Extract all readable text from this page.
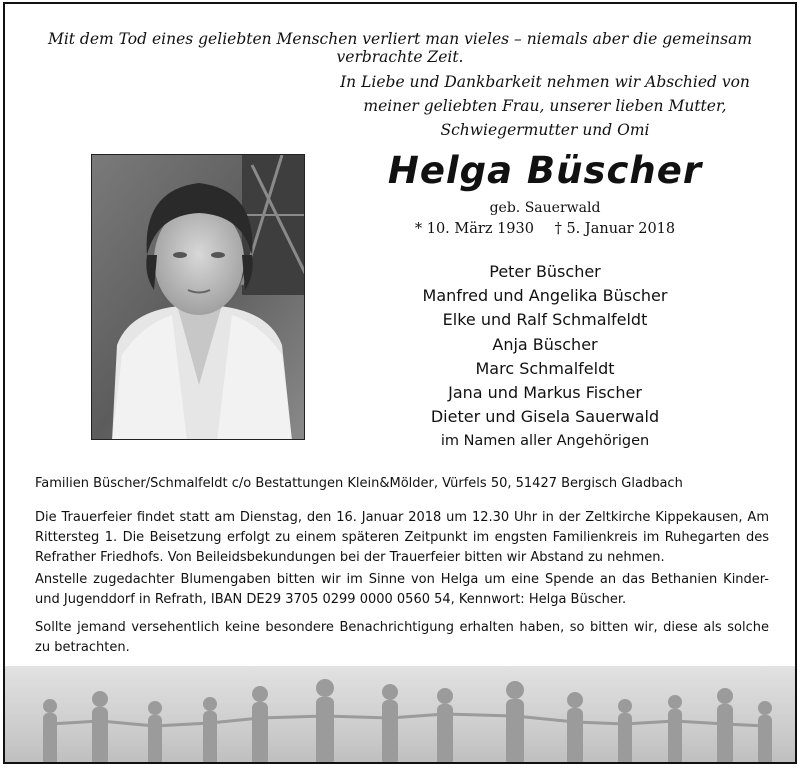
Mit dem Tod eines geliebten Menschen verliert man vieles – niemals aber die gemeinsam verbrachte Zeit.
In Liebe und Dankbarkeit nehmen wir Abschied von
meiner geliebten Frau, unserer lieben Mutter,
Schwiegermutter und Omi
Helga Büscher
geb. Sauerwald
* 10. März 1930 † 5. Januar 2018
Peter Büscher
Manfred und Angelika Büscher
Elke und Ralf Schmalfeldt
Anja Büscher
Marc Schmalfeldt
Jana und Markus Fischer
Dieter und Gisela Sauerwald
im Namen aller Angehörigen
Familien Büscher/Schmalfeldt c/o Bestattungen Klein&Mölder, Vürfels 50, 51427 Bergisch Gladbach
Die Trauerfeier findet statt am Dienstag, den 16. Januar 2018 um 12.30 Uhr in der Zeltkirche Kippekausen, Am Rittersteg 1. Die Beisetzung erfolgt zu einem späteren Zeitpunkt im engsten Familienkreis im Ruhegarten des Refrather Friedhofs. Von Beileidsbekundungen bei der Trauerfeier bitten wir Abstand zu nehmen.
Anstelle zugedachter Blumengaben bitten wir im Sinne von Helga um eine Spende an das Bethanien Kinder- und Jugenddorf in Refrath, IBAN DE29 3705 0299 0000 0560 54, Kennwort: Helga Büscher.
Sollte jemand versehentlich keine besondere Benachrichtigung erhalten haben, so bitten wir, diese als solche zu betrachten.
